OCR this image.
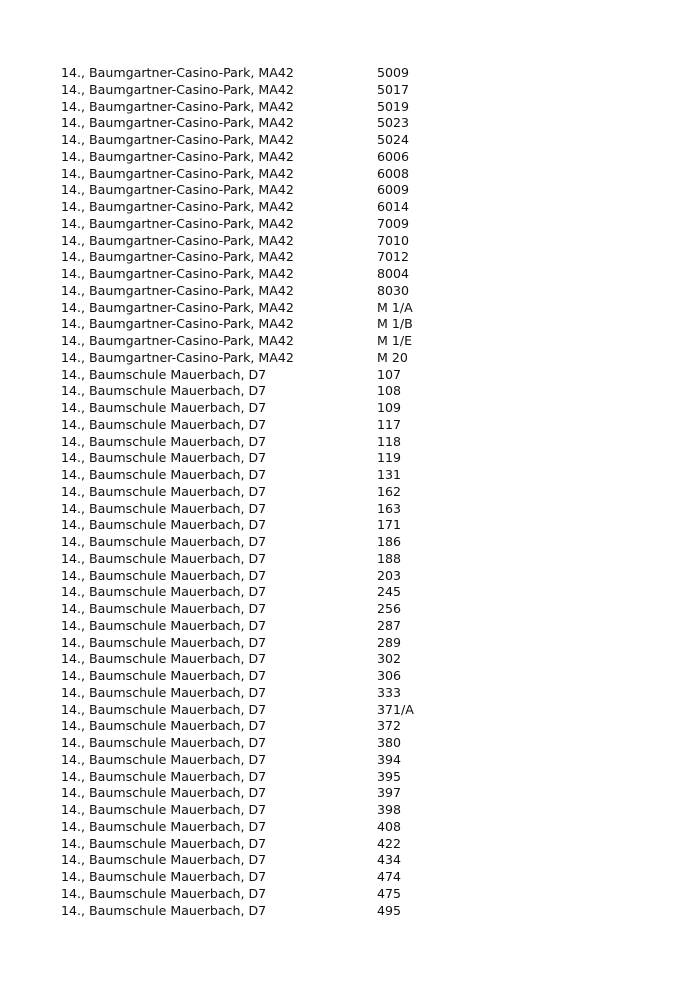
14., Baumgartner-Casino-Park, MA42	5009
14., Baumgartner-Casino-Park, MA42	5017
14., Baumgartner-Casino-Park, MA42	5019
14., Baumgartner-Casino-Park, MA42	5023
14., Baumgartner-Casino-Park, MA42	5024
14., Baumgartner-Casino-Park, MA42	6006
14., Baumgartner-Casino-Park, MA42	6008
14., Baumgartner-Casino-Park, MA42	6009
14., Baumgartner-Casino-Park, MA42	6014
14., Baumgartner-Casino-Park, MA42	7009
14., Baumgartner-Casino-Park, MA42	7010
14., Baumgartner-Casino-Park, MA42	7012
14., Baumgartner-Casino-Park, MA42	8004
14., Baumgartner-Casino-Park, MA42	8030
14., Baumgartner-Casino-Park, MA42	M 1/A
14., Baumgartner-Casino-Park, MA42	M 1/B
14., Baumgartner-Casino-Park, MA42	M 1/E
14., Baumgartner-Casino-Park, MA42	M 20
14., Baumschule Mauerbach, D7	107
14., Baumschule Mauerbach, D7	108
14., Baumschule Mauerbach, D7	109
14., Baumschule Mauerbach, D7	117
14., Baumschule Mauerbach, D7	118
14., Baumschule Mauerbach, D7	119
14., Baumschule Mauerbach, D7	131
14., Baumschule Mauerbach, D7	162
14., Baumschule Mauerbach, D7	163
14., Baumschule Mauerbach, D7	171
14., Baumschule Mauerbach, D7	186
14., Baumschule Mauerbach, D7	188
14., Baumschule Mauerbach, D7	203
14., Baumschule Mauerbach, D7	245
14., Baumschule Mauerbach, D7	256
14., Baumschule Mauerbach, D7	287
14., Baumschule Mauerbach, D7	289
14., Baumschule Mauerbach, D7	302
14., Baumschule Mauerbach, D7	306
14., Baumschule Mauerbach, D7	333
14., Baumschule Mauerbach, D7	371/A
14., Baumschule Mauerbach, D7	372
14., Baumschule Mauerbach, D7	380
14., Baumschule Mauerbach, D7	394
14., Baumschule Mauerbach, D7	395
14., Baumschule Mauerbach, D7	397
14., Baumschule Mauerbach, D7	398
14., Baumschule Mauerbach, D7	408
14., Baumschule Mauerbach, D7	422
14., Baumschule Mauerbach, D7	434
14., Baumschule Mauerbach, D7	474
14., Baumschule Mauerbach, D7	475
14., Baumschule Mauerbach, D7	495
